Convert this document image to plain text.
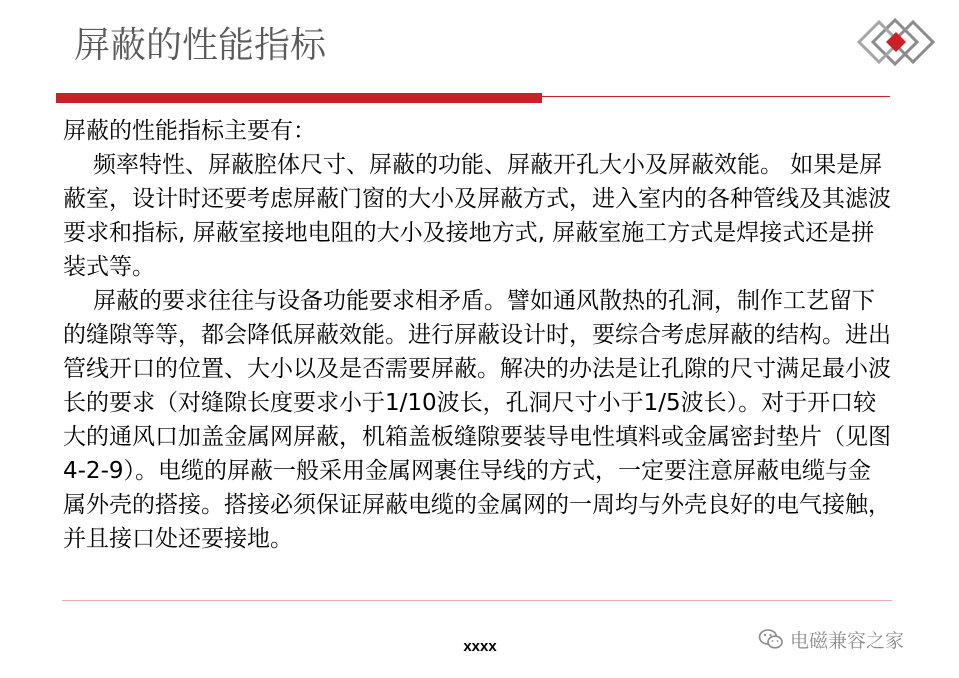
屏蔽的性能指标

屏蔽的性能指标主要有：

频率特性、屏蔽腔体尺寸、屏蔽的功能、屏蔽开孔大小及屏蔽效能。 如果是屏蔽室，设计时还要考虑屏蔽门窗的大小及屏蔽方式，进入室内的各种管线及其滤波要求和指标, 屏蔽室接地电阻的大小及接地方式, 屏蔽室施工方式是焊接式还是拼装式等。

屏蔽的要求往往与设备功能要求相矛盾。譬如通风散热的孔洞，制作工艺留下的缝隙等等，都会降低屏蔽效能。进行屏蔽设计时，要综合考虑屏蔽的结构。进出管线开口的位置、大小以及是否需要屏蔽。解决的办法是让孔隙的尺寸满足最小波长的要求（对缝隙长度要求小于1/10波长，孔洞尺寸小于1/5波长）。对于开口较大的通风口加盖金属网屏蔽，机箱盖板缝隙要装导电性填料或金属密封垫片（见图4-2-9）。电缆的屏蔽一般采用金属网裹住导线的方式，一定要注意屏蔽电缆与金属外壳的搭接。搭接必须保证屏蔽电缆的金属网的一周均与外壳良好的电气接触，并且接口处还要接地。

xxxx	电磁兼容之家
